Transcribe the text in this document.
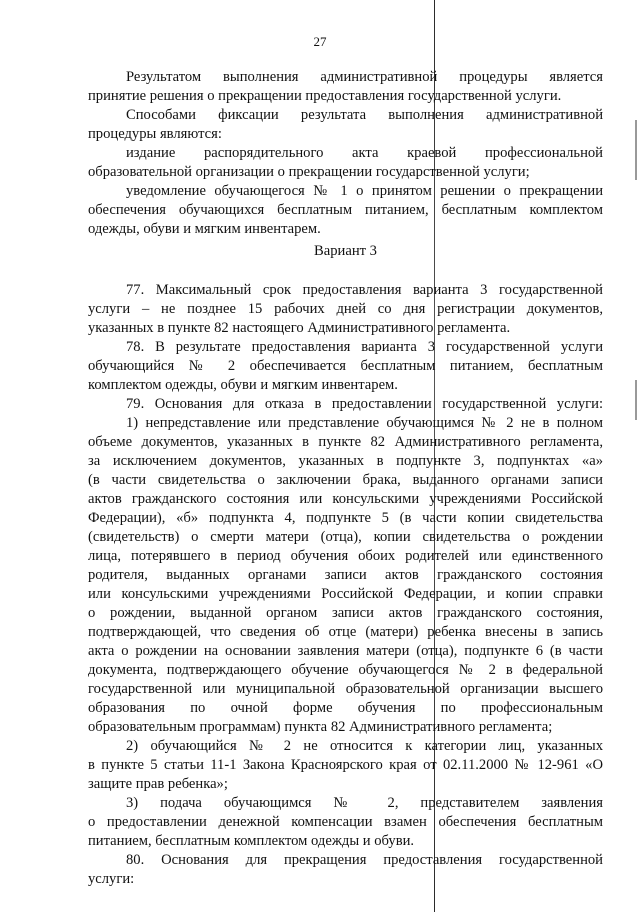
27
Результатом выполнения административной процедуры является
принятие решения о прекращении предоставления государственной услуги.
Способами фиксации результата выполнения административной
процедуры являются:
издание распорядительного акта краевой профессиональной
образовательной организации о прекращении государственной услуги;
уведомление обучающегося № 1 о принятом решении о прекращении
обеспечения обучающихся бесплатным питанием, бесплатным комплектом
одежды, обуви и мягким инвентарем.
Вариант 3
77. Максимальный срок предоставления варианта 3 государственной
услуги – не позднее 15 рабочих дней со дня регистрации документов,
указанных в пункте 82 настоящего Административного регламента.
78. В результате предоставления варианта 3 государственной услуги
обучающийся № 2 обеспечивается бесплатным питанием, бесплатным
комплектом одежды, обуви и мягким инвентарем.
79. Основания для отказа в предоставлении государственной услуги:
1) непредставление или представление обучающимся № 2 не в полном
объеме документов, указанных в пункте 82 Административного регламента,
за исключением документов, указанных в подпункте 3, подпунктах «а»
(в части свидетельства о заключении брака, выданного органами записи
актов гражданского состояния или консульскими учреждениями Российской
Федерации), «б» подпункта 4, подпункте 5 (в части копии свидетельства
(свидетельств) о смерти матери (отца), копии свидетельства о рождении
лица, потерявшего в период обучения обоих родителей или единственного
родителя, выданных органами записи актов гражданского состояния
или консульскими учреждениями Российской Федерации, и копии справки
о рождении, выданной органом записи актов гражданского состояния,
подтверждающей, что сведения об отце (матери) ребенка внесены в запись
акта о рождении на основании заявления матери (отца), подпункте 6 (в части
документа, подтверждающего обучение обучающегося № 2 в федеральной
государственной или муниципальной образовательной организации высшего
образования по очной форме обучения по профессиональным
образовательным программам) пункта 82 Административного регламента;
2) обучающийся № 2 не относится к категории лиц, указанных
в пункте 5 статьи 11-1 Закона Красноярского края от 02.11.2000 № 12-961 «О
защите прав ребенка»;
3) подача обучающимся № 2, представителем заявления
о предоставлении денежной компенсации взамен обеспечения бесплатным
питанием, бесплатным комплектом одежды и обуви.
80. Основания для прекращения предоставления государственной
услуги:
